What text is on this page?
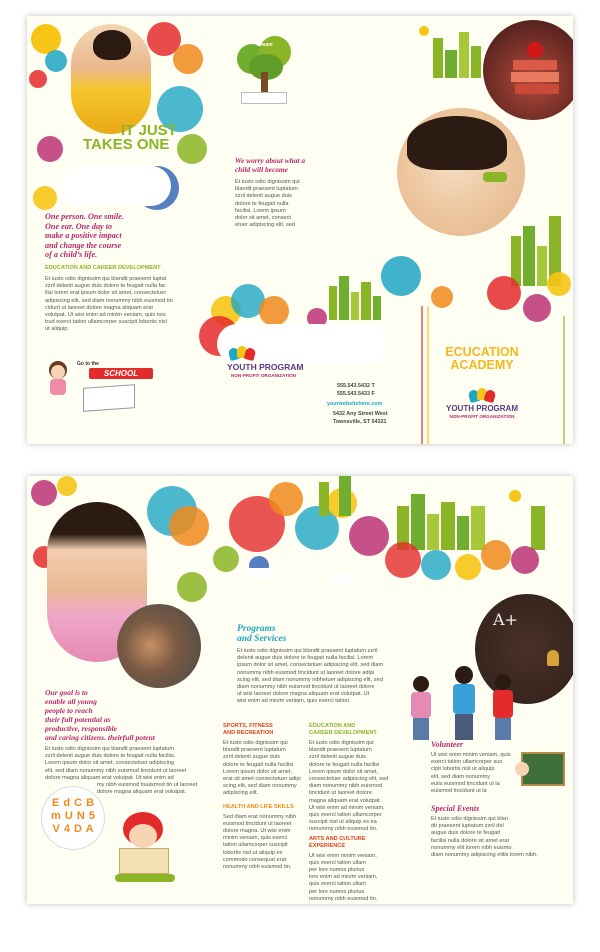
IT JUST
TAKES ONE
One person. One smile.
One ear. One day to
make a positive impact
and change the course
of a child’s life.
EDUCATION AND CAREER DEVELOPMENT
Et iusto odio dignissim qui blandit praesent luptat
zzril delenit augue duis dolore te feugait nulla fac
ilisi lorem erat ipsum dolor sit amet, consectetuer
adipiscing elit, sed diam nonummy nibh euismod tin
cidunt ut laoreet dolore magna aliquam erat
volutpat. Ut wisi enim ad minim veniam, quis nos
trud exerci tation ullamcorper suscipit lobortis nisl
ut aliquip.
Go to the
SCHOOL
Dream
We worry about what a
child will become
Et iusto odio dignissim qui
blandit praesent luptatum
zzril delenit augue duis
dolore te feugait nulla
facilisi. Lorem ipsum
dolor sit amet, consect
etuer adipiscing elit, sed
YOUTH PROGRAM
NON-PROFIT ORGANIZATION
555.543.5432 T
555.543.5433 F
yourwebsitehere.com
5432 Any Street West
Townsville, ST 54321
ECUCATION
ACADEMY
YOUTH PROGRAM
NON-PROFIT ORGANIZATION
Our goal is to
enable all young
people to reach
their full potential as
productive, responsible
and caring citizens. theirfull potent
Et iusto odio dignissim qui blandit praesent luptatum
zzril delenit augue duis dolore te feugait nulla facilisi.
Lorem ipsum dolor sit amet, consectetuer adipiscing
elit, sed diam nonummy nibh euismod tincidunt ut laoreet
dolore magna aliquam erat volutpat. Ut wisi enim ad
my nibh euismod tiuuismod tin ut laoreet
dolore magna aliquam erat volutpat.
E d C B m U N 5 V 4 D A
Programs
and Services
Et iusto odio dignissim qui blandit praesent luptatum zzril
delenit augue duis dolore te feugait nulla facilisi. Lorem
ipsum dolor sit amet, consectetuer adipiscing elit, sed diam
nonummy nibh euismod tincidunt ut laoreet dolore adipi
scing elit, sed diam nonummy nibhetuer adipiscing elit, sed
diam nonummy nibh euismod tincidunt ut laoreet dolore
ut wisi laoreet dolore magna aliquam erat volutpat. Ut
wisi enim ad minim veniam, quis exerci tation.
SPORTS, FITNESS
AND RECREATION
Et iusto odio dignissim qui
blandit praesent luptatum
zzril delenit augue duis
dolore te feugait nulla facilisi
Lorem ipsum dolor sit amet,
erat sit amet consectetuer adipi
scing elit, sed diam nonummy
adipiscing elit.
HEALTH AND LIFE SKILLS
Sed diam erat nonummy nibh
euismod tincidunt ut laoreet
dolore magna. Ut wisi enim
minim veniam, quis exerci
tation ullamcorper suscipit
lobortis nisl ut aliquip ex
commodo consequat erat
nonummy nibh euismod tin.
EDUCATION AND
CAREER DEVELOPMENT
Et iusto odio dignissim qui
blandit praesent luptatum
zzril delenit augue duis
dolore te feugait nulla facilisi
Lorem ipsum dolor sit amet,
consectetuer adipiscing elit, sed
diam nonummy nibh euismod
tincidunt ut laoreet dolore
magna aliquam erat volutpat.
Ut wisi enim ad minim veniam,
quis exerci tation ullamcorper
suscipit nisl ut aliquip ex ea
nonummy nibh euismod tin.
ARTS AND CULTURE
EXPERIENCE
Ut wisi enim minim veniam,
quis exerci tation ullam
per lore numos plurius
lore enim ad minim veniam,
quis exerci tation ullam
per lore numos plurius
nonummy nibh euismod tin.
A+
Volunteer
Ut wisi enim minim veniam, quis
exerci tation ullamcorper sus
cipit lobortis nisl ut aliquip
elit, sed diam nonummy
eulis euismod tincidunt ut la
euismod tincidunt ut la
Special Events
Et iusto odio dignissim qui blan
dit praesent luptatum zzril del
augue duis dolore te feugait
facilisi nulla dolore sit amet erat
nonummy elit lorem nibh euismo
diam nonummy adipiscing elitis lorem nibh.
